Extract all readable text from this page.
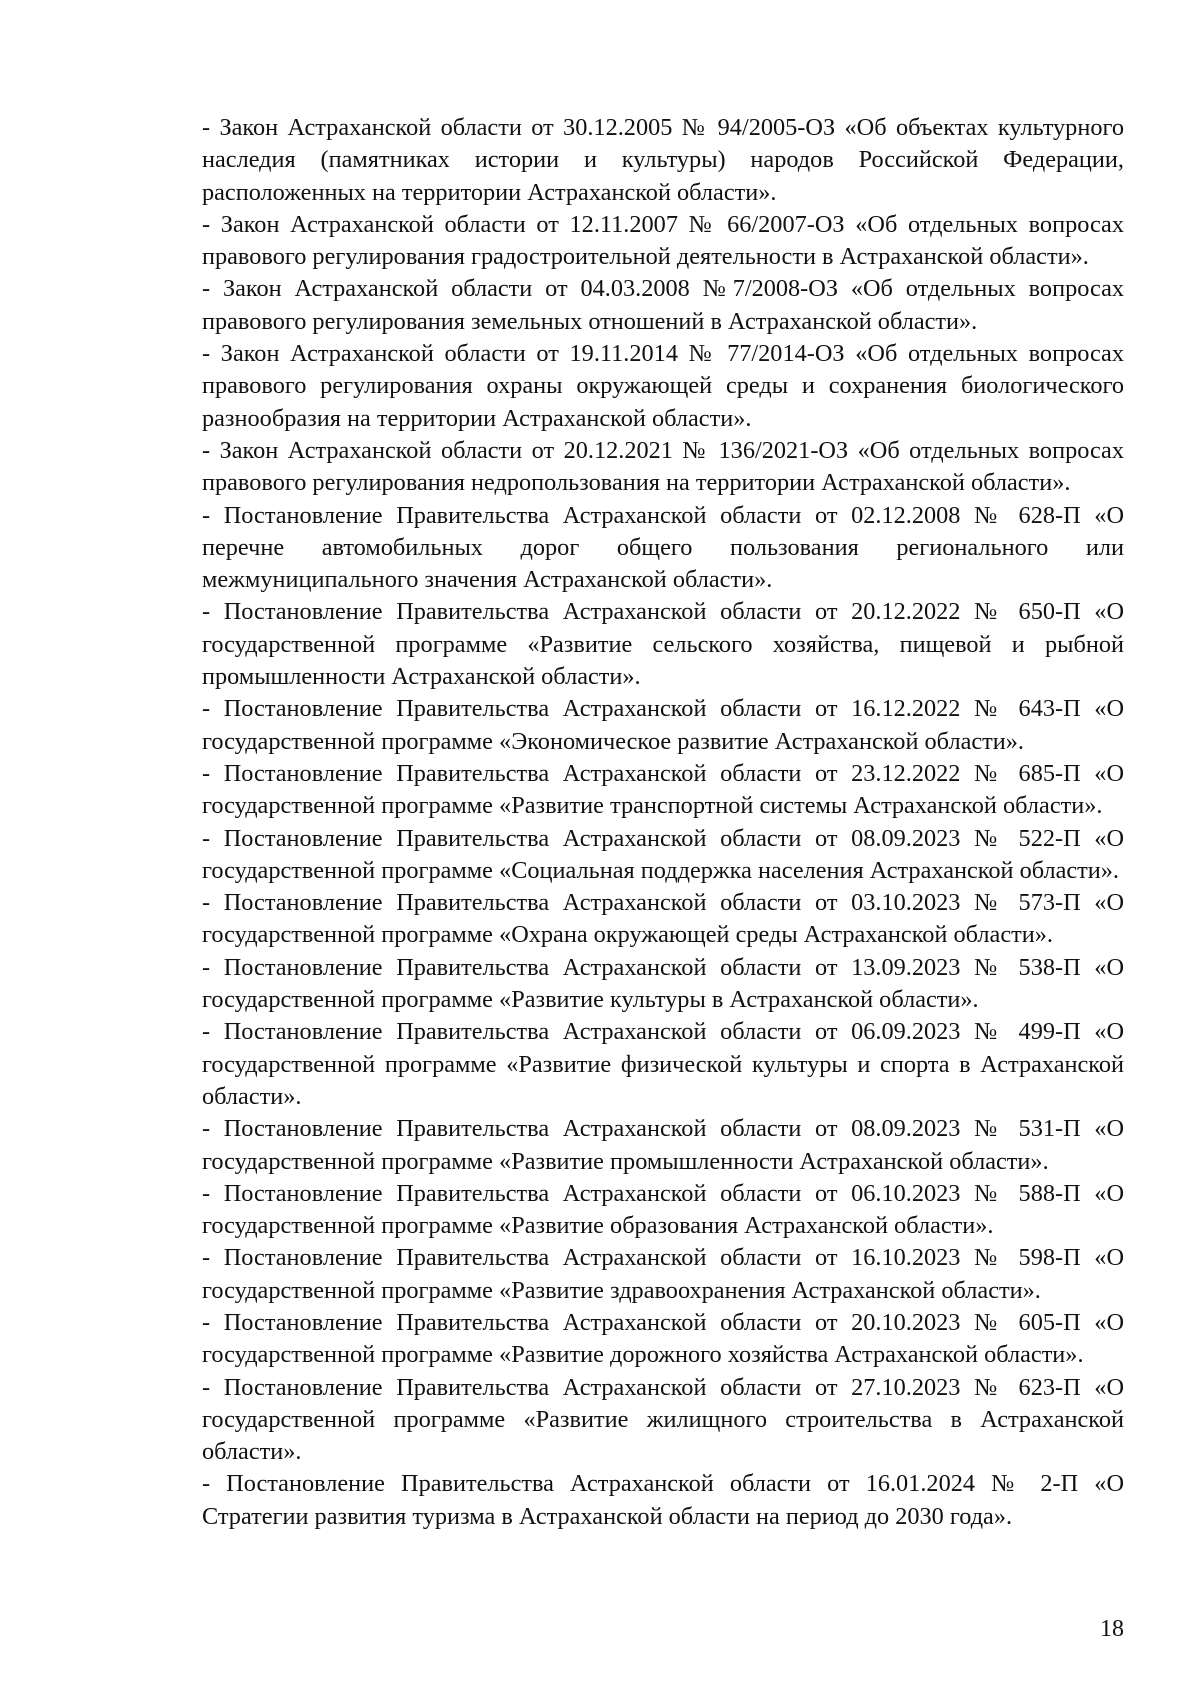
- Закон Астраханской области от 30.12.2005 № 94/2005-ОЗ «Об объектах культурного наследия (памятниках истории и культуры) народов Российской Федерации, расположенных на территории Астраханской области».

- Закон Астраханской области от 12.11.2007 № 66/2007-ОЗ «Об отдельных вопросах правового регулирования градостроительной деятельности в Астраханской области».

- Закон Астраханской области от 04.03.2008 №7/2008-ОЗ «Об отдельных вопросах правового регулирования земельных отношений в Астраханской области».

- Закон Астраханской области от 19.11.2014 № 77/2014-ОЗ «Об отдельных вопросах правового регулирования охраны окружающей среды и сохранения биологического разнообразия на территории Астраханской области».

- Закон Астраханской области от 20.12.2021 № 136/2021-ОЗ «Об отдельных вопросах правового регулирования недропользования на территории Астраханской области».

- Постановление Правительства Астраханской области от 02.12.2008 № 628-П «О перечне автомобильных дорог общего пользования регионального или межмуниципального значения Астраханской области».

- Постановление Правительства Астраханской области от 20.12.2022 № 650-П «О государственной программе «Развитие сельского хозяйства, пищевой и рыбной промышленности Астраханской области».

- Постановление Правительства Астраханской области от 16.12.2022 № 643-П «О государственной программе «Экономическое развитие Астраханской области».

- Постановление Правительства Астраханской области от 23.12.2022 № 685-П «О государственной программе «Развитие транспортной системы Астраханской области».

- Постановление Правительства Астраханской области от 08.09.2023 № 522-П «О государственной программе «Социальная поддержка населения Астраханской области».

- Постановление Правительства Астраханской области от 03.10.2023 № 573-П «О государственной программе «Охрана окружающей среды Астраханской области».

- Постановление Правительства Астраханской области от 13.09.2023 № 538-П «О государственной программе «Развитие культуры в Астраханской области».

- Постановление Правительства Астраханской области от 06.09.2023 № 499-П «О государственной программе «Развитие физической культуры и спорта в Астраханской области».

- Постановление Правительства Астраханской области от 08.09.2023 № 531-П «О государственной программе «Развитие промышленности Астраханской области».

- Постановление Правительства Астраханской области от 06.10.2023 № 588-П «О государственной программе «Развитие образования Астраханской области».

- Постановление Правительства Астраханской области от 16.10.2023 № 598-П «О государственной программе «Развитие здравоохранения Астраханской области».

- Постановление Правительства Астраханской области от 20.10.2023 № 605-П «О государственной программе «Развитие дорожного хозяйства Астраханской области».

- Постановление Правительства Астраханской области от 27.10.2023 № 623-П «О государственной программе «Развитие жилищного строительства в Астраханской области».

- Постановление Правительства Астраханской области от 16.01.2024 № 2-П «О Стратегии развития туризма в Астраханской области на период до 2030 года».

18
